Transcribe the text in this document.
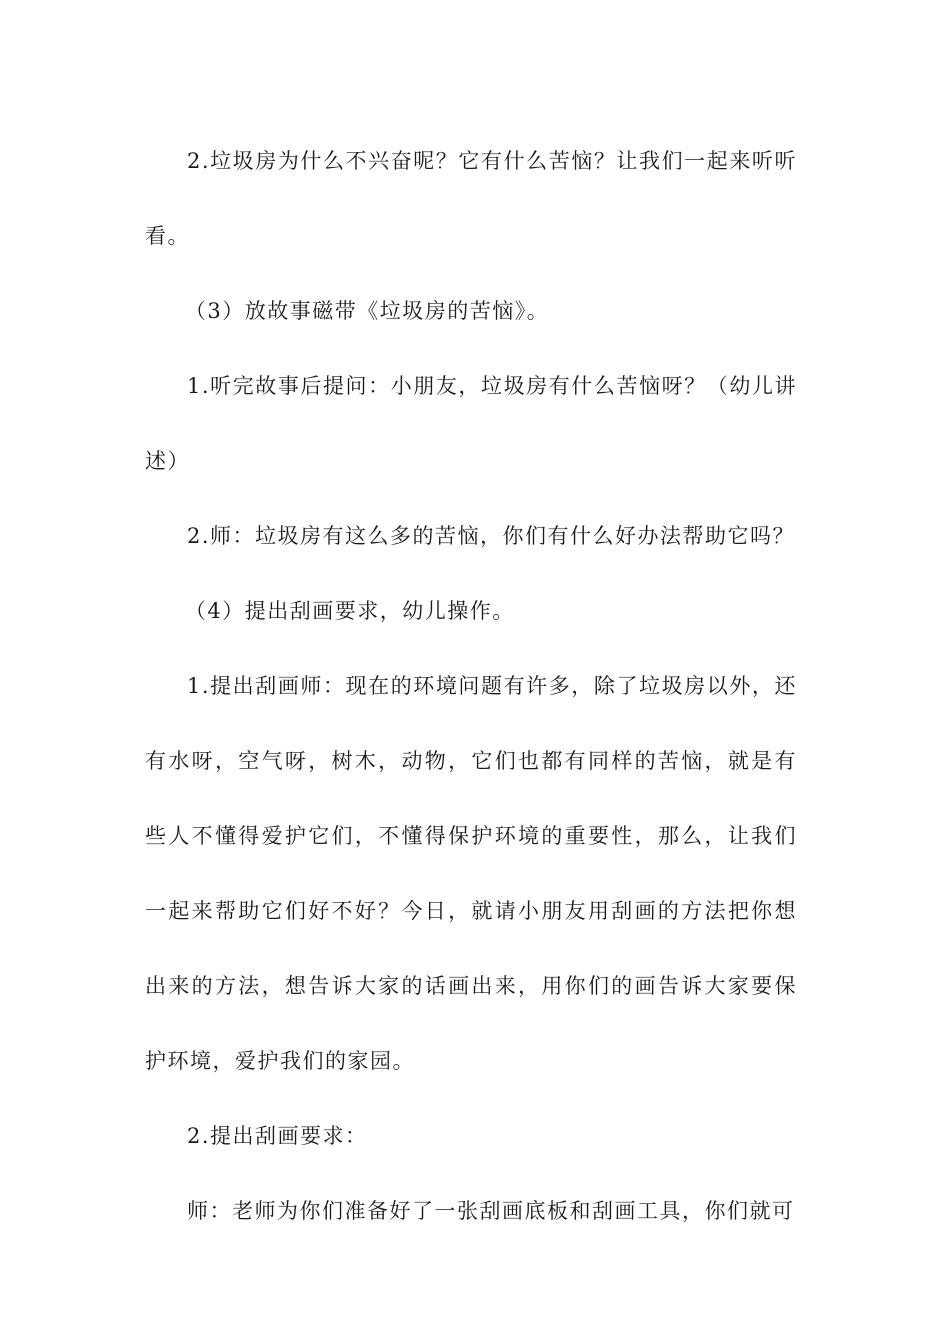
2.垃圾房为什么不兴奋呢？它有什么苦恼？让我们一起来听听看。

（3）放故事磁带《垃圾房的苦恼》。

1.听完故事后提问：小朋友，垃圾房有什么苦恼呀？（幼儿讲述）

2.师：垃圾房有这么多的苦恼，你们有什么好办法帮助它吗？

（4）提出刮画要求，幼儿操作。

1.提出刮画师：现在的环境问题有许多，除了垃圾房以外，还有水呀，空气呀，树木，动物，它们也都有同样的苦恼，就是有些人不懂得爱护它们，不懂得保护环境的重要性，那么，让我们一起来帮助它们好不好？今日，就请小朋友用刮画的方法把你想出来的方法，想告诉大家的话画出来，用你们的画告诉大家要保护环境，爱护我们的家园。

2.提出刮画要求：

师：老师为你们准备好了一张刮画底板和刮画工具，你们就可
